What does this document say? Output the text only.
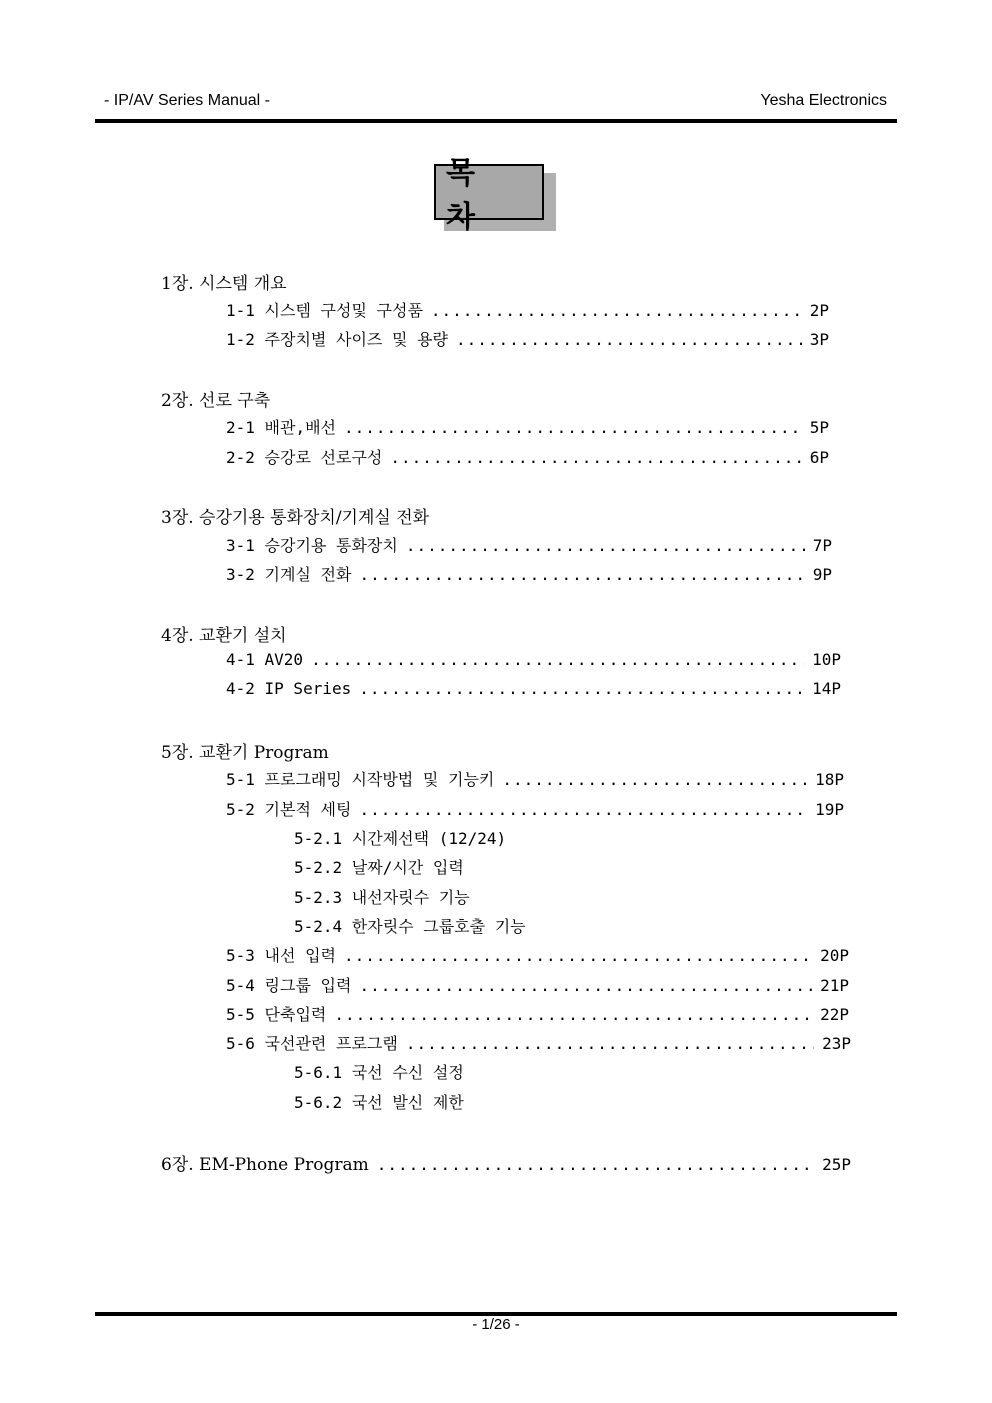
- IP/AV Series Manual -	Yesha Electronics
목 차
1장. 시스템 개요
1-1 시스템 구성및 구성품 .....	2P
1-2 주장치별 사이즈 및 용량 .....	3P
2장. 선로 구축
2-1 배관,배선 .....	5P
2-2 승강로 선로구성 .....	6P
3장. 승강기용 통화장치/기계실 전화
3-1 승강기용 통화장치 .....	7P
3-2 기계실 전화 .....	9P
4장. 교환기 설치
4-1 AV20 .....	10P
4-2 IP Series .....	14P
5장. 교환기 Program
5-1 프로그래밍 시작방법 및 기능키 .....	18P
5-2 기본적 세팅 .....	19P
5-2.1 시간제선택 (12/24)
5-2.2 날짜/시간 입력
5-2.3 내선자릿수 기능
5-2.4 한자릿수 그룹호출 기능
5-3 내선 입력 .....	20P
5-4 링그룹 입력 .....	21P
5-5 단축입력 .....	22P
5-6 국선관련 프로그램 .....	23P
5-6.1 국선 수신 설정
5-6.2 국선 발신 제한
6장. EM-Phone Program .....	25P
- 1/26 -
